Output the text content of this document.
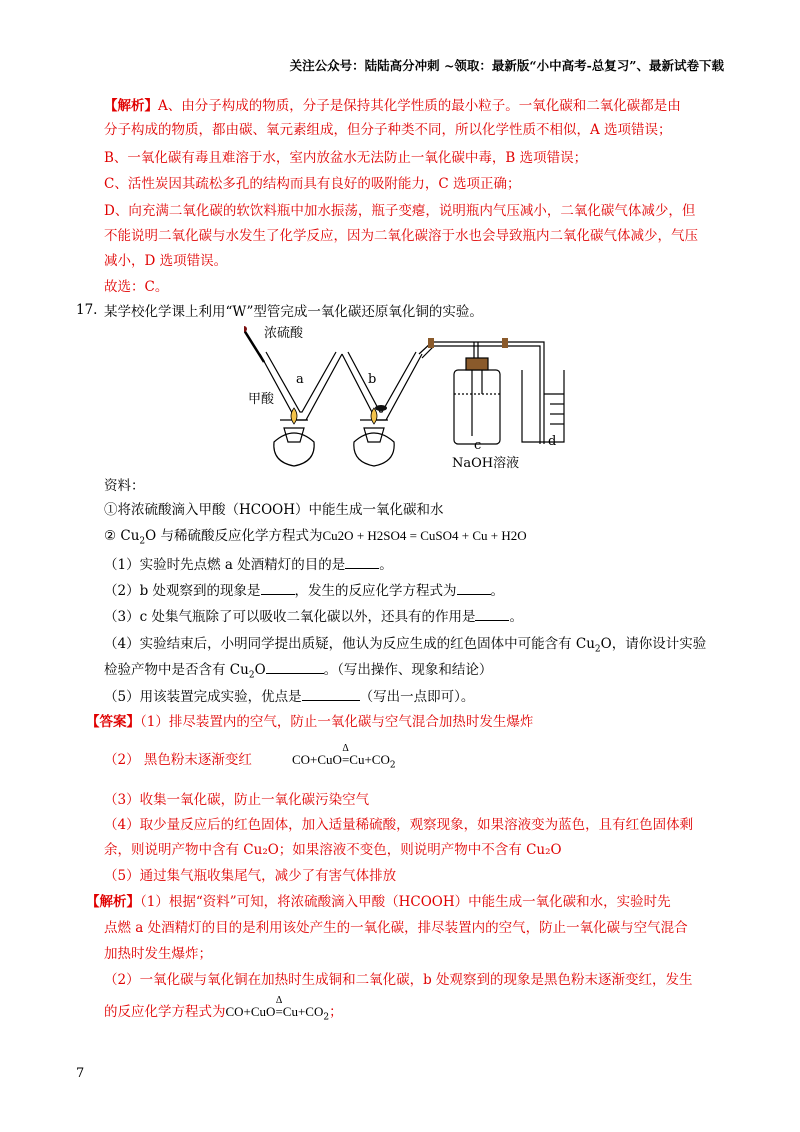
关注公众号：陆陆高分冲刺 ~领取：最新版“小中高考-总复习”、最新试卷下载
【解析】A、由分子构成的物质，分子是保持其化学性质的最小粒子。一氧化碳和二氧化碳都是由
分子构成的物质，都由碳、氧元素组成，但分子种类不同，所以化学性质不相似，A 选项错误；
B、一氧化碳有毒且难溶于水，室内放盆水无法防止一氧化碳中毒，B 选项错误；
C、活性炭因其疏松多孔的结构而具有良好的吸附能力，C 选项正确；
D、向充满二氧化碳的软饮料瓶中加水振荡，瓶子变瘪，说明瓶内气压减小，二氧化碳气体减少，但
不能说明二氧化碳与水发生了化学反应，因为二氧化碳溶于水也会导致瓶内二氧化碳气体减少，气压
减小，D 选项错误。
故选：C。
17. 某学校化学课上利用“W”型管完成一氧化碳还原氧化铜的实验。
浓硫酸
甲酸
a	b
c	d
NaOH溶液
资料：
①将浓硫酸滴入甲酸（HCOOH）中能生成一氧化碳和水
② $Cu_2O$ 与稀硫酸反应化学方程式为Cu2O + H2SO4 = CuSO4 + Cu + H2O
（1）实验时先点燃 a 处酒精灯的目的是	。
（2）b 处观察到的现象是	，发生的反应化学方程式为	。
（3）c 处集气瓶除了可以吸收二氧化碳以外，还具有的作用是	。
（4）实验结束后，小明同学提出质疑，他认为反应生成的红色固体中可能含有 $Cu_2O$，请你设计实验
检验产物中是否含有 $Cu_2O$	。（写出操作、现象和结论）
（5）用该装置完成实验，优点是	（写出一点即可）。
【答案】（1）排尽装置内的空气，防止一氧化碳与空气混合加热时发生爆炸
（2） 黑色粉末逐渐变红	CO+CuO
Δ
$=Cu+CO_2$
（3）收集一氧化碳，防止一氧化碳污染空气
（4）取少量反应后的红色固体，加入适量稀硫酸，观察现象，如果溶液变为蓝色，且有红色固体剩
余，则说明产物中含有 Cu₂O；如果溶液不变色，则说明产物中不含有 Cu₂O
（5）通过集气瓶收集尾气，减少了有害气体排放
【解析】（1）根据“资料”可知，将浓硫酸滴入甲酸（HCOOH）中能生成一氧化碳和水，实验时先
点燃 a 处酒精灯的目的是利用该处产生的一氧化碳，排尽装置内的空气，防止一氧化碳与空气混合
加热时发生爆炸；
（2）一氧化碳与氧化铜在加热时生成铜和二氧化碳，b 处观察到的现象是黑色粉末逐渐变红，发生
的反应化学方程式为CO+CuO
Δ
$=Cu+CO_2$；
7
